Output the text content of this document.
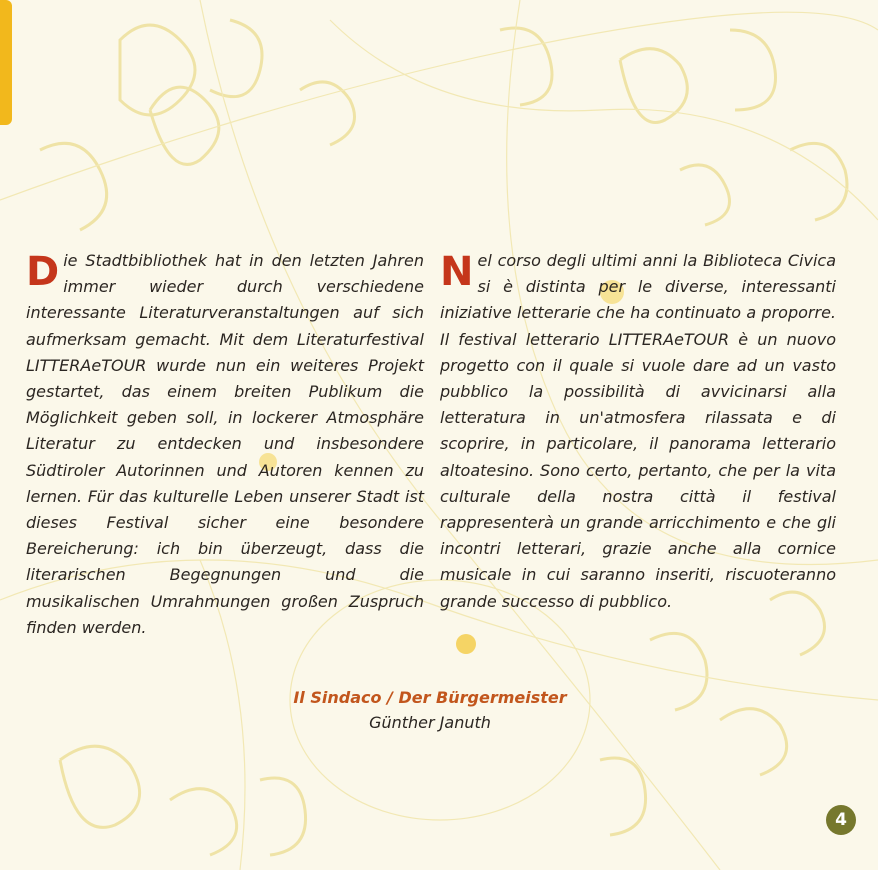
Die Stadtbibliothek hat in den letzten Jahren immer wieder durch verschiedene interessante Literaturveranstaltungen auf sich aufmerksam gemacht. Mit dem Literaturfestival LITTERAeTOUR wurde nun ein weiteres Projekt gestartet, das einem breiten Publikum die Möglichkeit geben soll, in lockerer Atmosphäre Literatur zu entdecken und insbesondere Südtiroler Autorinnen und Autoren kennen zu lernen. Für das kulturelle Leben unserer Stadt ist dieses Festival sicher eine besondere Bereicherung: ich bin überzeugt, dass die literarischen Begegnungen und die musikalischen Umrahmungen großen Zuspruch finden werden.

Nel corso degli ultimi anni la Biblioteca Civica si è distinta per le diverse, interessanti iniziative letterarie che ha continuato a proporre. Il festival letterario LITTERAeTOUR è un nuovo progetto con il quale si vuole dare ad un vasto pubblico la possibilità di avvicinarsi alla letteratura in un'atmosfera rilassata e di scoprire, in particolare, il panorama letterario altoatesino. Sono certo, pertanto, che per la vita culturale della nostra città il festival rappresenterà un grande arricchimento e che gli incontri letterari, grazie anche alla cornice musicale in cui saranno inseriti, riscuoteranno grande successo di pubblico.

Il Sindaco / Der Bürgermeister
Günther Januth
4
